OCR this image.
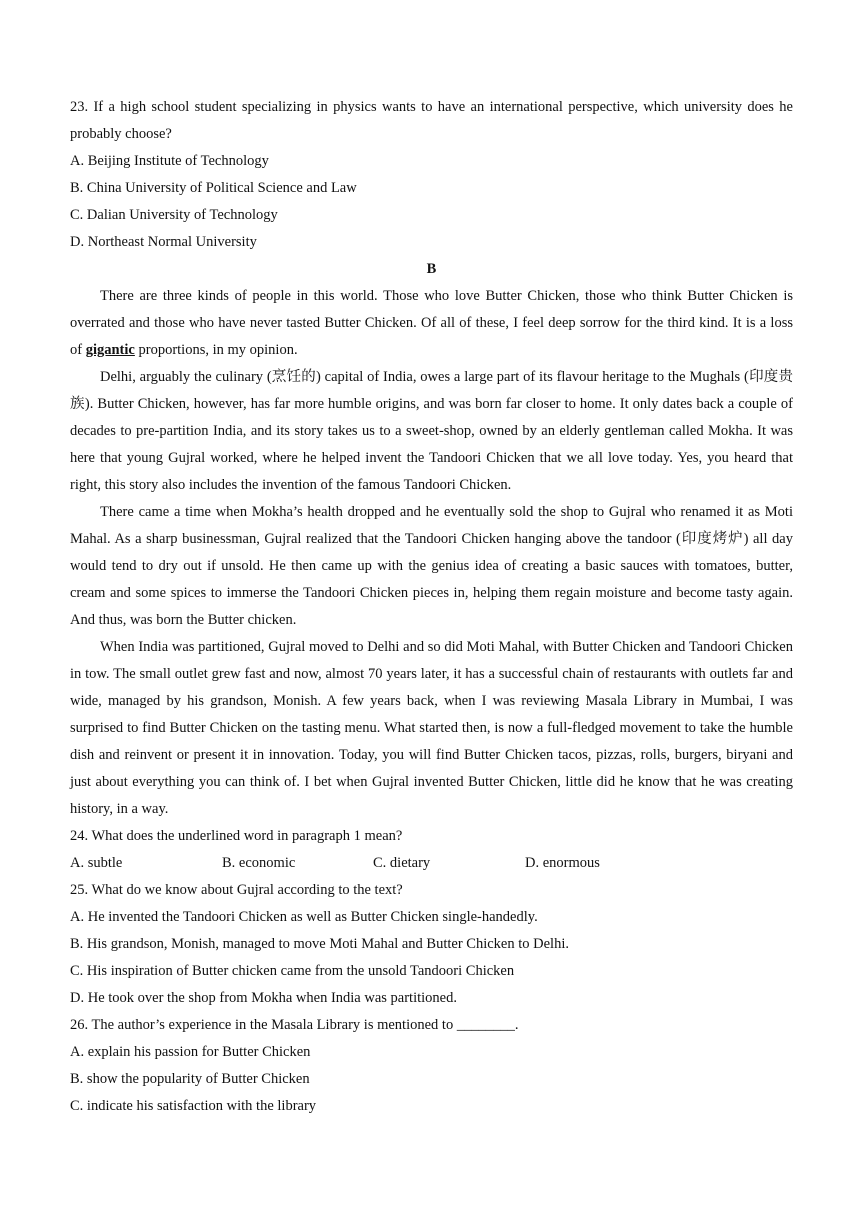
23. If a high school student specializing in physics wants to have an international perspective, which university does he probably choose?

A. Beijing Institute of Technology

B. China University of Political Science and Law

C. Dalian University of Technology

D. Northeast Normal University

B

There are three kinds of people in this world. Those who love Butter Chicken, those who think Butter Chicken is overrated and those who have never tasted Butter Chicken. Of all of these, I feel deep sorrow for the third kind. It is a loss of gigantic proportions, in my opinion.

Delhi, arguably the culinary (烹饪的) capital of India, owes a large part of its flavour heritage to the Mughals (印度贵族). Butter Chicken, however, has far more humble origins, and was born far closer to home. It only dates back a couple of decades to pre-partition India, and its story takes us to a sweet-shop, owned by an elderly gentleman called Mokha. It was here that young Gujral worked, where he helped invent the Tandoori Chicken that we all love today. Yes, you heard that right, this story also includes the invention of the famous Tandoori Chicken.

There came a time when Mokha’s health dropped and he eventually sold the shop to Gujral who renamed it as Moti Mahal. As a sharp businessman, Gujral realized that the Tandoori Chicken hanging above the tandoor (印度烤炉) all day would tend to dry out if unsold. He then came up with the genius idea of creating a basic sauces with tomatoes, butter, cream and some spices to immerse the Tandoori Chicken pieces in, helping them regain moisture and become tasty again. And thus, was born the Butter chicken.

When India was partitioned, Gujral moved to Delhi and so did Moti Mahal, with Butter Chicken and Tandoori Chicken in tow. The small outlet grew fast and now, almost 70 years later, it has a successful chain of restaurants with outlets far and wide, managed by his grandson, Monish. A few years back, when I was reviewing Masala Library in Mumbai, I was surprised to find Butter Chicken on the tasting menu. What started then, is now a full-fledged movement to take the humble dish and reinvent or present it in innovation. Today, you will find Butter Chicken tacos, pizzas, rolls, burgers, biryani and just about everything you can think of. I bet when Gujral invented Butter Chicken, little did he know that he was creating history, in a way.

24. What does the underlined word in paragraph 1 mean?

A. subtle	B. economic	C. dietary	D. enormous

25. What do we know about Gujral according to the text?

A. He invented the Tandoori Chicken as well as Butter Chicken single-handedly.

B. His grandson, Monish, managed to move Moti Mahal and Butter Chicken to Delhi.

C. His inspiration of Butter chicken came from the unsold Tandoori Chicken

D. He took over the shop from Mokha when India was partitioned.

26. The author’s experience in the Masala Library is mentioned to ________.

A. explain his passion for Butter Chicken

B. show the popularity of Butter Chicken

C. indicate his satisfaction with the library
